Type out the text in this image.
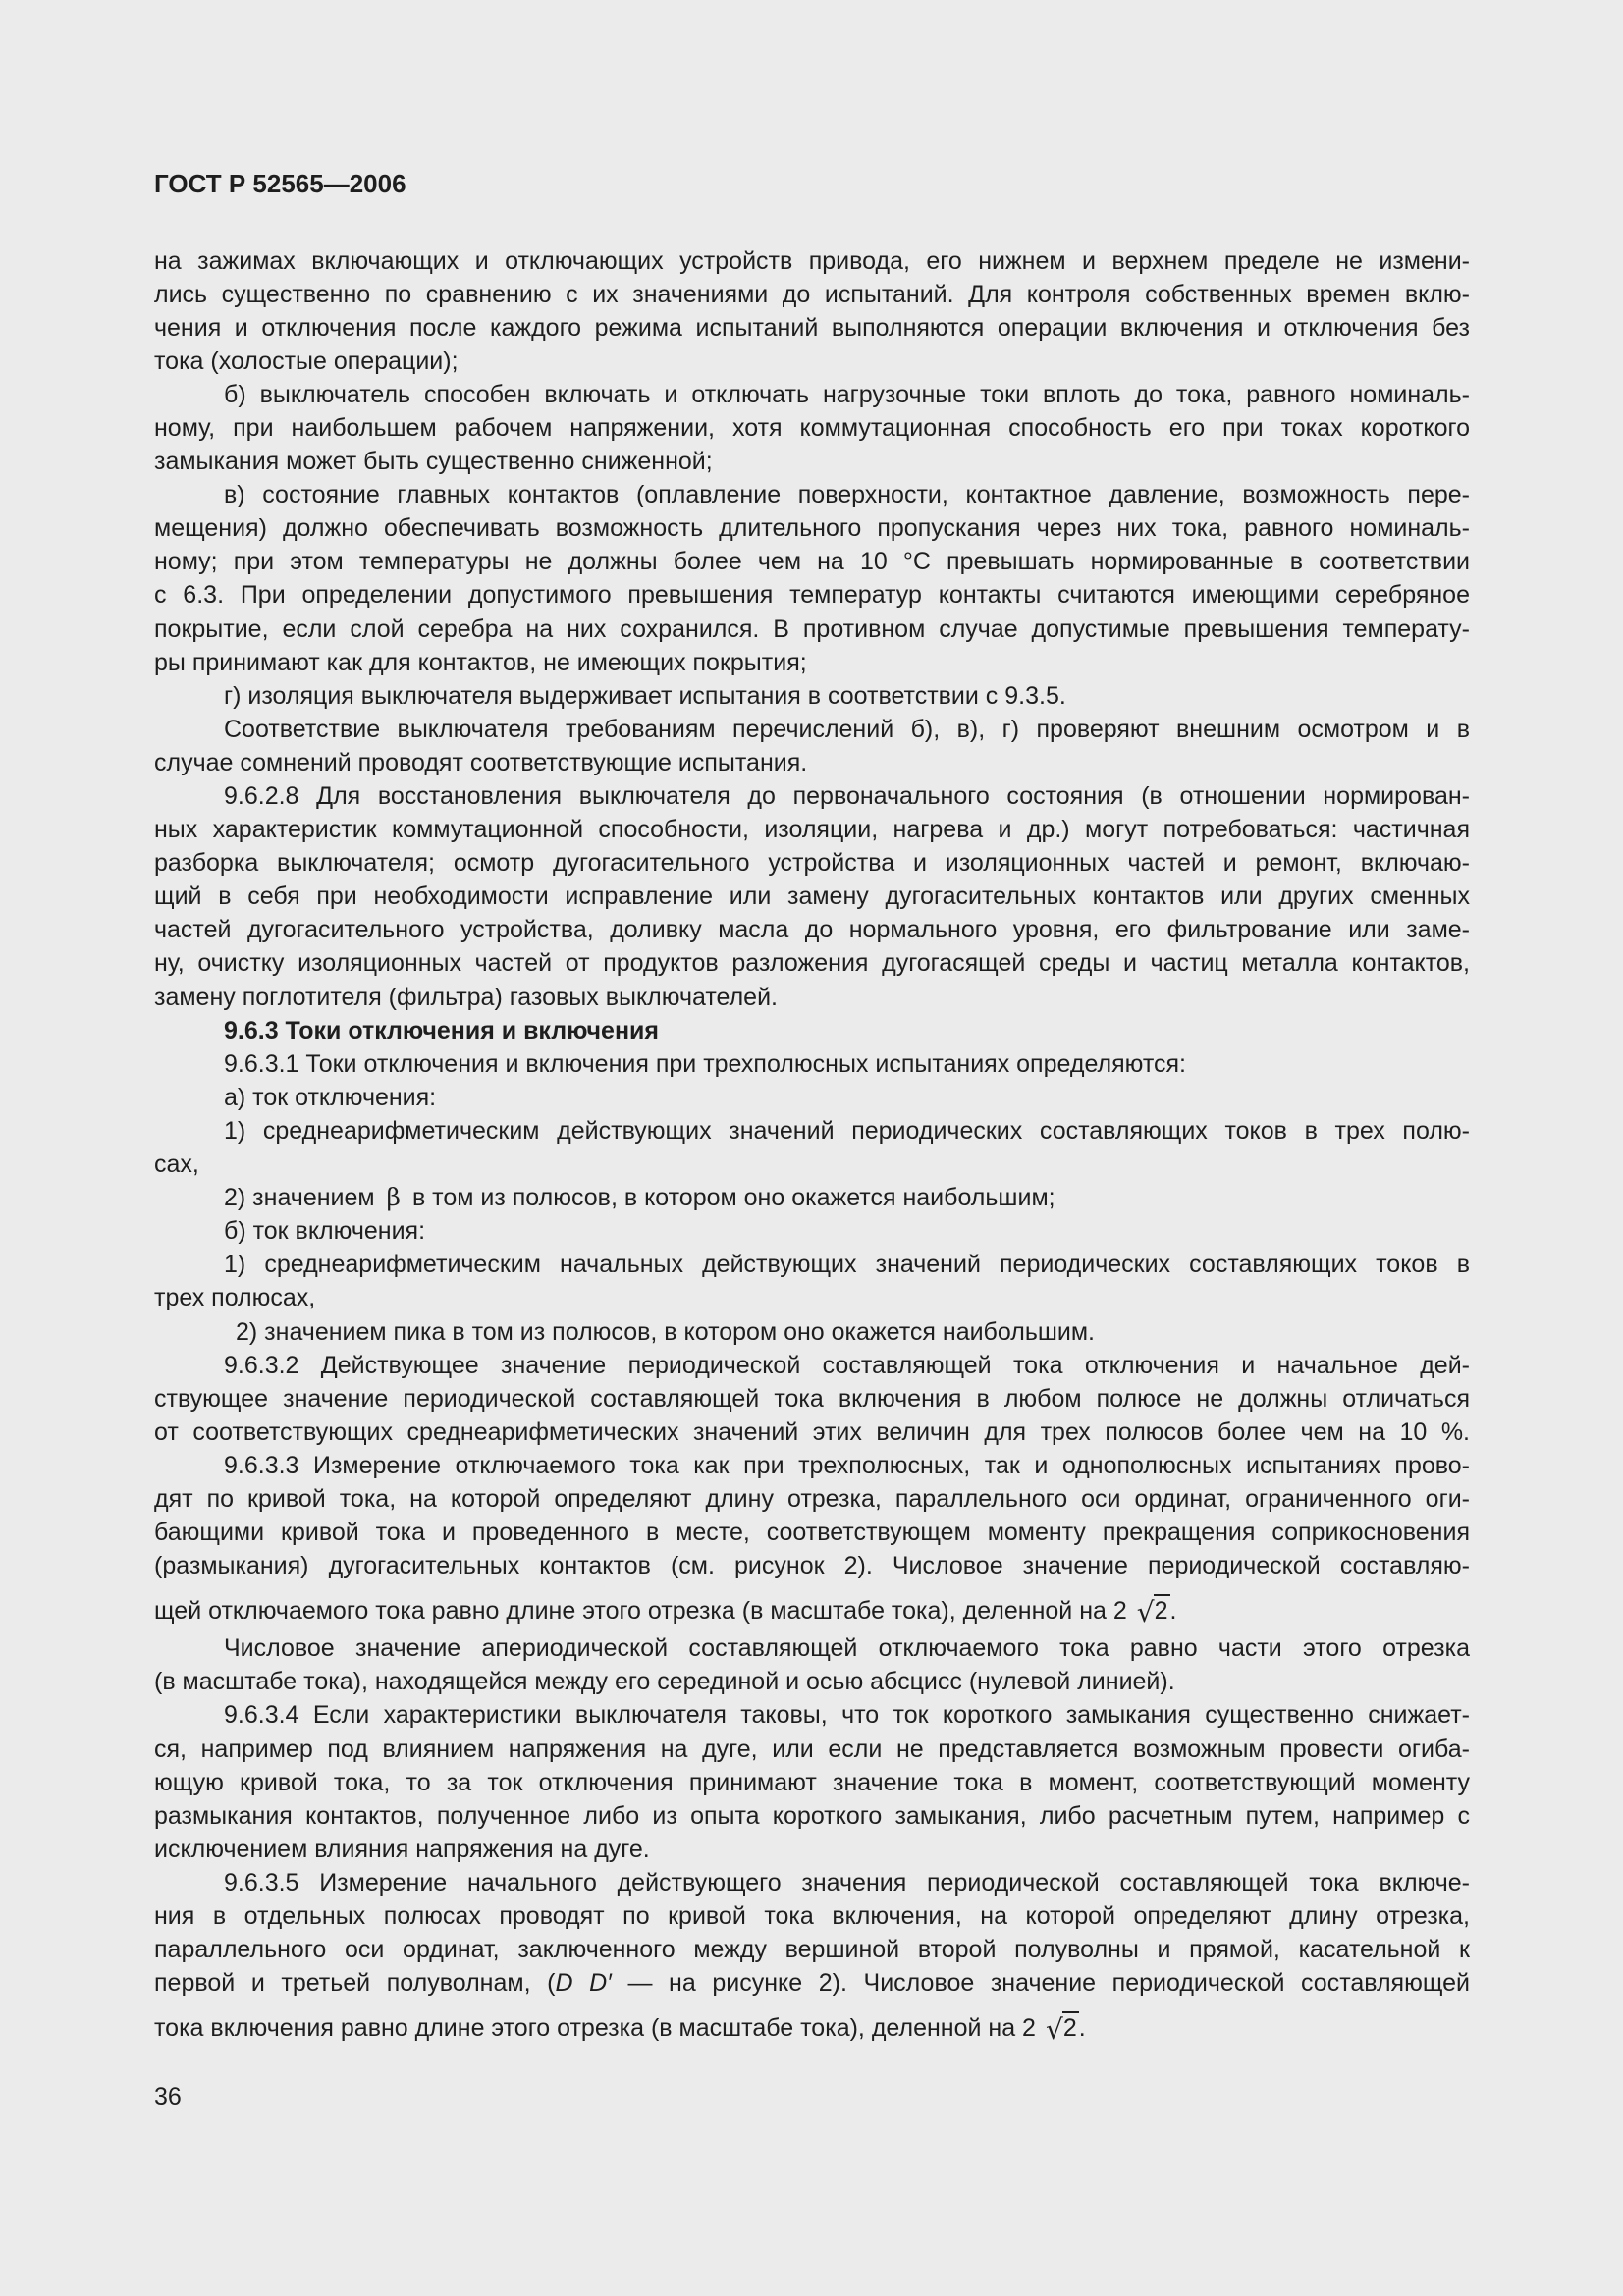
ГОСТ Р 52565—2006
на зажимах включающих и отключающих устройств привода, его нижнем и верхнем пределе не измени-
лись существенно по сравнению с их значениями до испытаний. Для контроля собственных времен вклю-
чения и отключения после каждого режима испытаний выполняются операции включения и отключения без
тока (холостые операции);
б) выключатель способен включать и отключать нагрузочные токи вплоть до тока, равного номиналь-
ному, при наибольшем рабочем напряжении, хотя коммутационная способность его при токах короткого
замыкания может быть существенно сниженной;
в) состояние главных контактов (оплавление поверхности, контактное давление, возможность пере-
мещения) должно обеспечивать возможность длительного пропускания через них тока, равного номиналь-
ному; при этом температуры не должны более чем на 10 °С превышать нормированные в соответствии
с 6.3. При определении допустимого превышения температур контакты считаются имеющими серебряное
покрытие, если слой серебра на них сохранился. В противном случае допустимые превышения температу-
ры принимают как для контактов, не имеющих покрытия;
г) изоляция выключателя выдерживает испытания в соответствии с 9.3.5.
Соответствие выключателя требованиям перечислений б), в), г) проверяют внешним осмотром и в
случае сомнений проводят соответствующие испытания.
9.6.2.8 Для восстановления выключателя до первоначального состояния (в отношении нормирован-
ных характеристик коммутационной способности, изоляции, нагрева и др.) могут потребоваться: частичная
разборка выключателя; осмотр дугогасительного устройства и изоляционных частей и ремонт, включаю-
щий в себя при необходимости исправление или замену дугогасительных контактов или других сменных
частей дугогасительного устройства, доливку масла до нормального уровня, его фильтрование или заме-
ну, очистку изоляционных частей от продуктов разложения дугогасящей среды и частиц металла контактов,
замену поглотителя (фильтра) газовых выключателей.
9.6.3 Токи отключения и включения
9.6.3.1 Токи отключения и включения при трехполюсных испытаниях определяются:
а) ток отключения:
1) среднеарифметическим действующих значений периодических составляющих токов в трех полю-
сах,
2) значением β в том из полюсов, в котором оно окажется наибольшим;
б) ток включения:
1) среднеарифметическим начальных действующих значений периодических составляющих токов в
трех полюсах,
2) значением пика в том из полюсов, в котором оно окажется наибольшим.
9.6.3.2 Действующее значение периодической составляющей тока отключения и начальное дей-
ствующее значение периодической составляющей тока включения в любом полюсе не должны отличаться
от соответствующих среднеарифметических значений этих величин для трех полюсов более чем на 10 %.
9.6.3.3 Измерение отключаемого тока как при трехполюсных, так и однополюсных испытаниях прово-
дят по кривой тока, на которой определяют длину отрезка, параллельного оси ординат, ограниченного оги-
бающими кривой тока и проведенного в месте, соответствующем моменту прекращения соприкосновения
(размыкания) дугогасительных контактов (см. рисунок 2). Числовое значение периодической составляю-
щей отключаемого тока равно длине этого отрезка (в масштабе тока), деленной на 2 √2.
Числовое значение апериодической составляющей отключаемого тока равно части этого отрезка
(в масштабе тока), находящейся между его серединой и осью абсцисс (нулевой линией).
9.6.3.4 Если характеристики выключателя таковы, что ток короткого замыкания существенно снижает-
ся, например под влиянием напряжения на дуге, или если не представляется возможным провести огиба-
ющую кривой тока, то за ток отключения принимают значение тока в момент, соответствующий моменту
размыкания контактов, полученное либо из опыта короткого замыкания, либо расчетным путем, например с
исключением влияния напряжения на дуге.
9.6.3.5 Измерение начального действующего значения периодической составляющей тока включе-
ния в отдельных полюсах проводят по кривой тока включения, на которой определяют длину отрезка,
параллельного оси ординат, заключенного между вершиной второй полуволны и прямой, касательной к
первой и третьей полуволнам, (D D′ — на рисунке 2). Числовое значение периодической составляющей
тока включения равно длине этого отрезка (в масштабе тока), деленной на 2 √2.
36
